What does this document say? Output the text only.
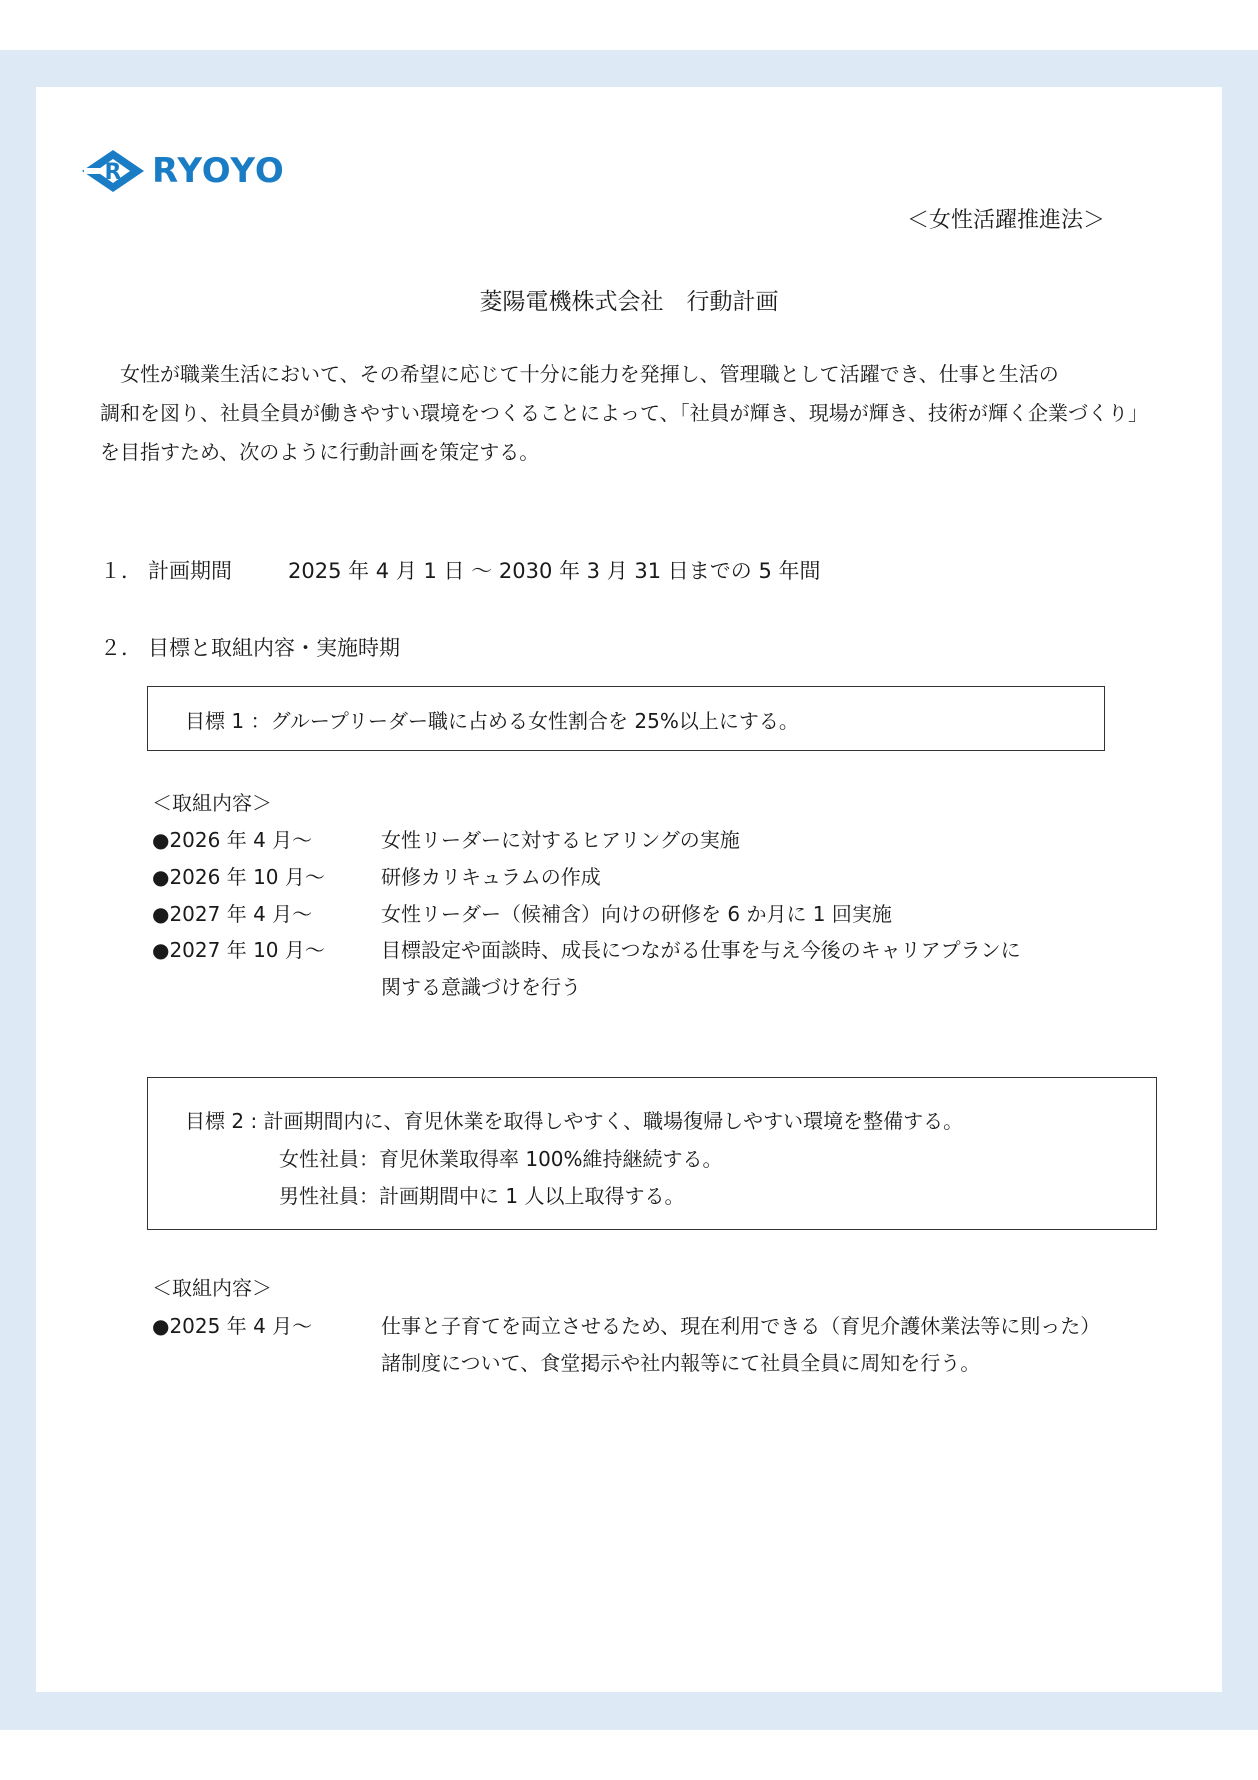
R RYOYO
＜女性活躍推進法＞
菱陽電機株式会社　行動計画
　女性が職業生活において、その希望に応じて十分に能力を発揮し、管理職として活躍でき、仕事と生活の
調和を図り、社員全員が働きやすい環境をつくることによって、「社員が輝き、現場が輝き、技術が輝く企業づくり」
を目指すため、次のように行動計画を策定する。
１． 計画期間	2025 年 4 月 1 日 ～ 2030 年 3 月 31 日までの 5 年間
２． 目標と取組内容・実施時期
目標 1 ：グループリーダー職に占める女性割合を 25%以上にする。
＜取組内容＞
●2026 年 4 月～	女性リーダーに対するヒアリングの実施
●2026 年 10 月～	研修カリキュラムの作成
●2027 年 4 月～	女性リーダー（候補含）向けの研修を 6 か月に 1 回実施
●2027 年 10 月～	目標設定や面談時、成長につながる仕事を与え今後のキャリアプランに
関する意識づけを行う
目標 2 : 計画期間内に、育児休業を取得しやすく、職場復帰しやすい環境を整備する。
女性社員：育児休業取得率 100%維持継続する。
男性社員：計画期間中に 1 人以上取得する。
＜取組内容＞
●2025 年 4 月～	仕事と子育てを両立させるため、現在利用できる（育児介護休業法等に則った）
諸制度について、食堂掲示や社内報等にて社員全員に周知を行う。
